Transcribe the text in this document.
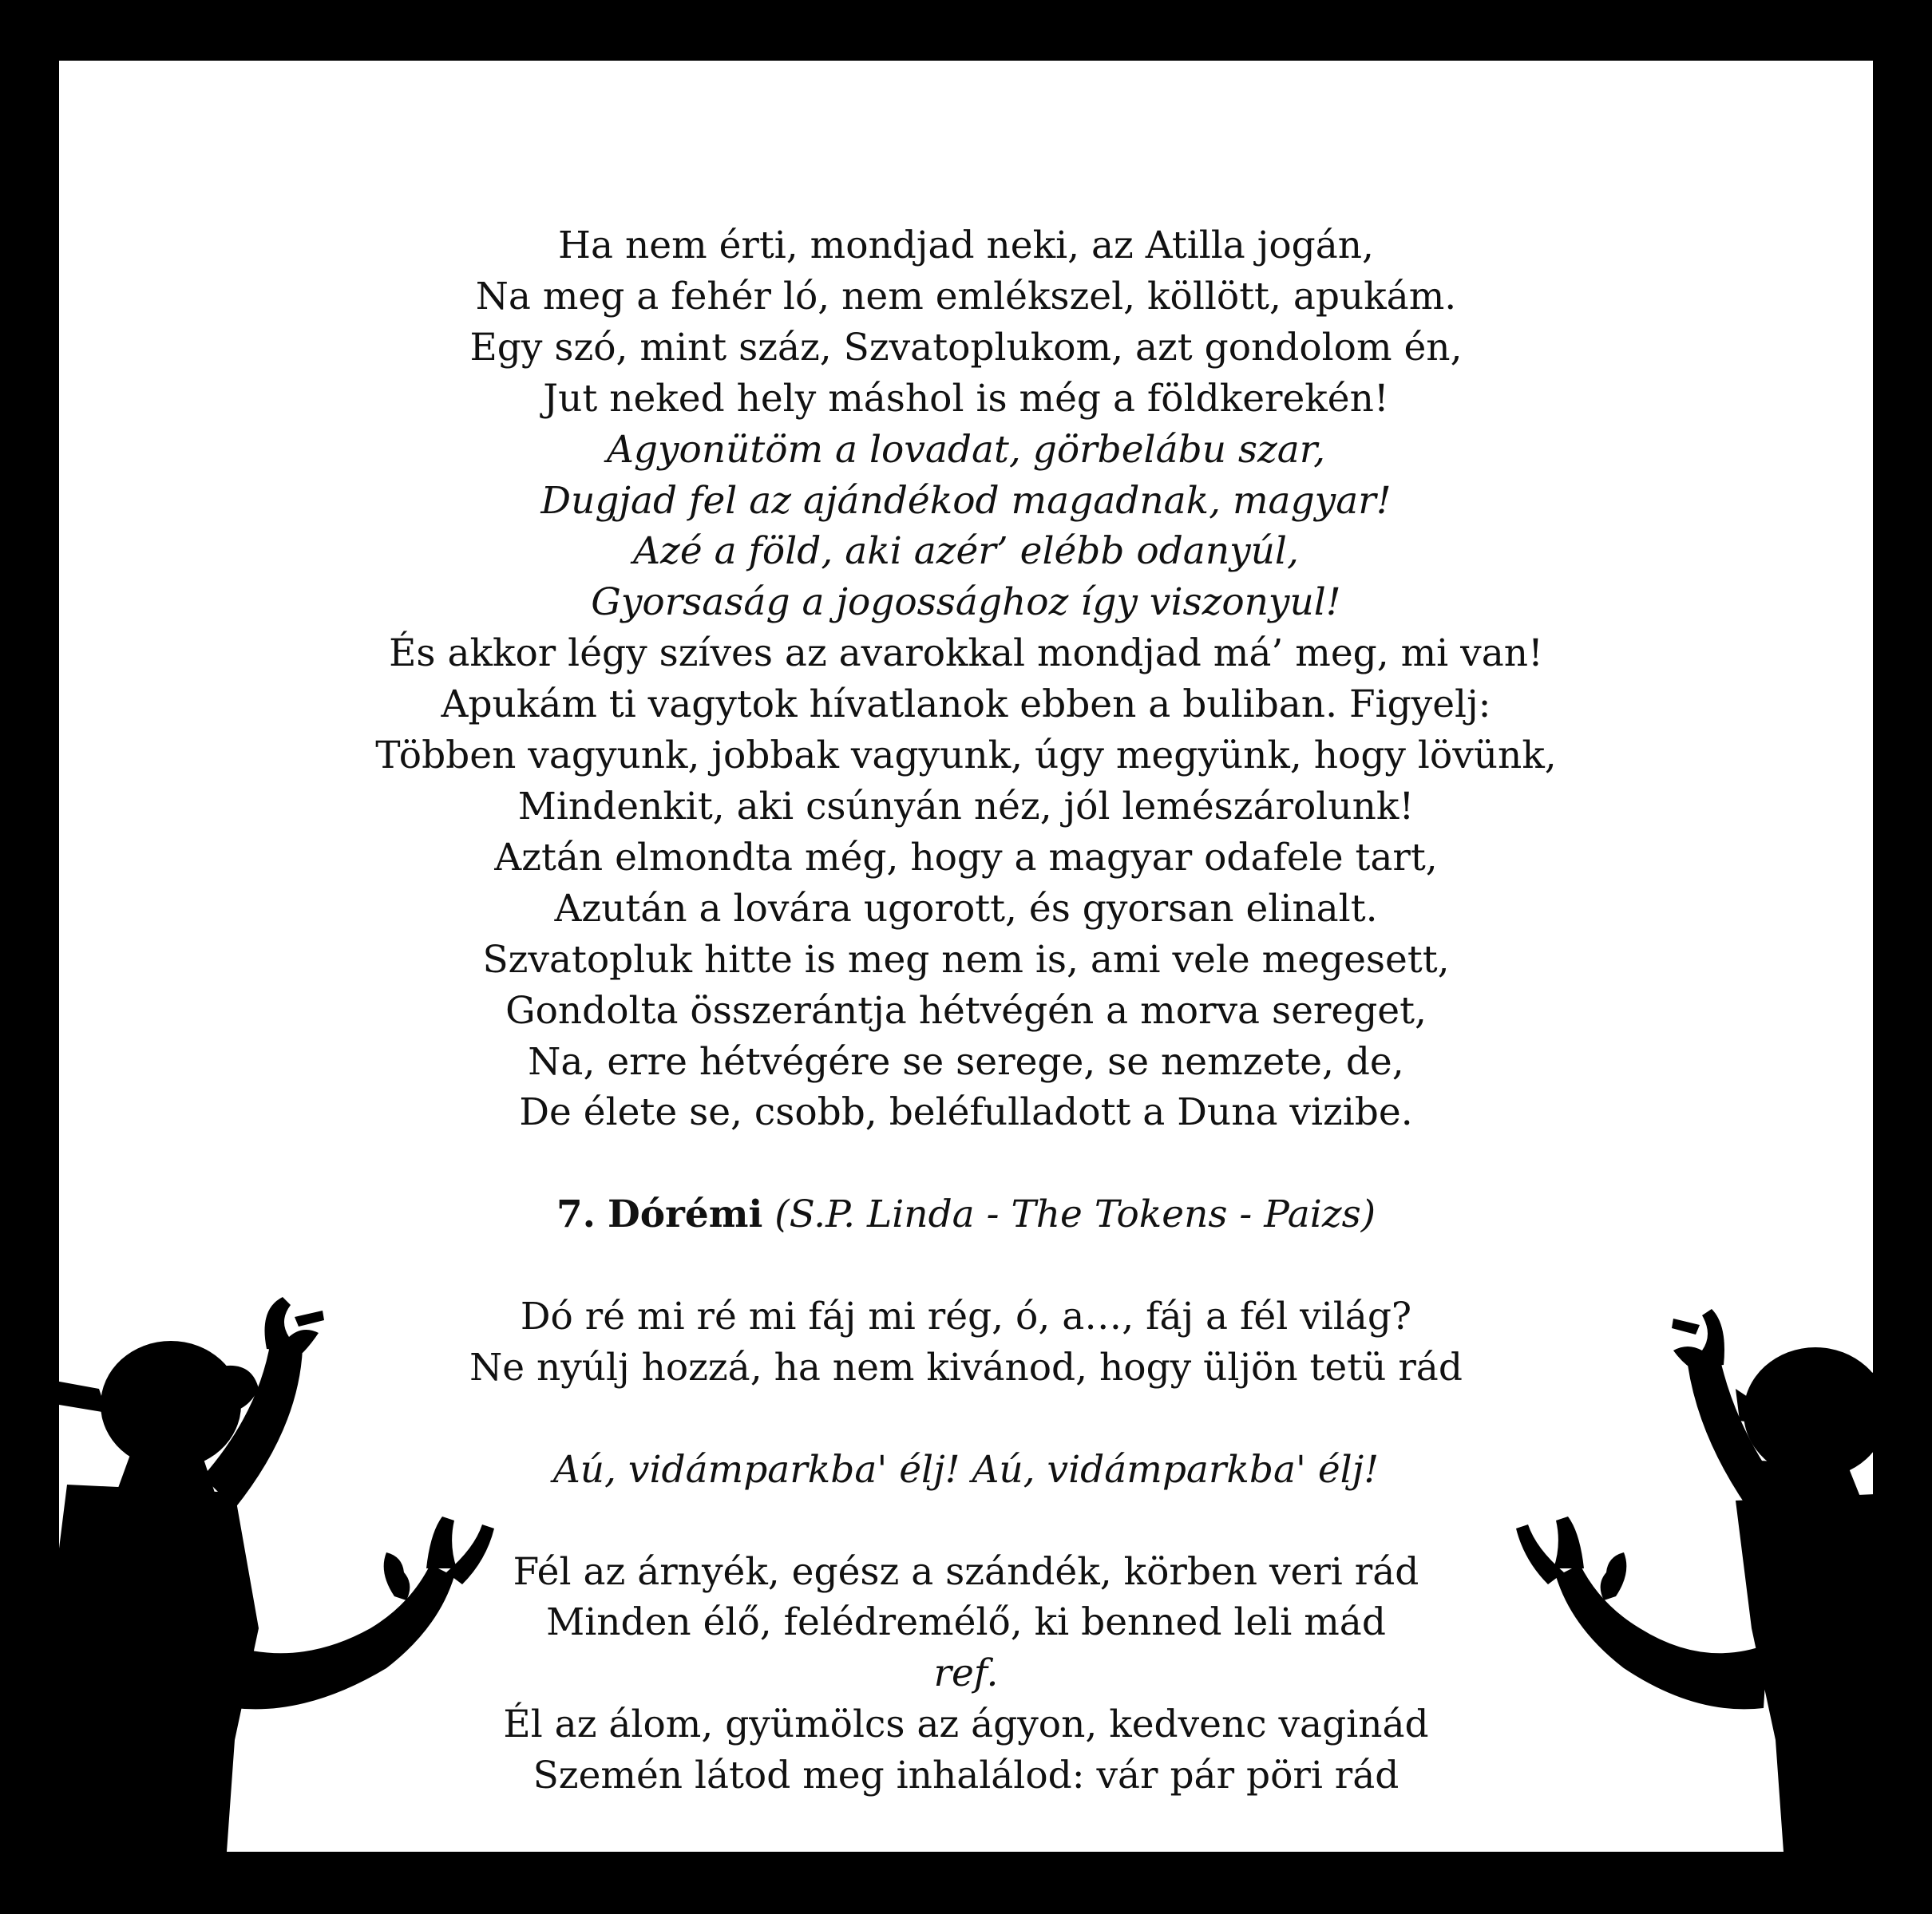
Ha nem érti, mondjad neki, az Atilla jogán,
Na meg a fehér ló, nem emlékszel, köllött, apukám.
Egy szó, mint száz, Szvatoplukom, azt gondolom én,
Jut neked hely máshol is még a földkerekén!
Agyonütöm a lovadat, görbelábu szar,
Dugjad fel az ajándékod magadnak, magyar!
Azé a föld, aki azér’ elébb odanyúl,
Gyorsaság a jogossághoz így viszonyul!
És akkor légy szíves az avarokkal mondjad má’ meg, mi van!
Apukám ti vagytok hívatlanok ebben a buliban. Figyelj:
Többen vagyunk, jobbak vagyunk, úgy megyünk, hogy lövünk,
Mindenkit, aki csúnyán néz, jól lemészárolunk!
Aztán elmondta még, hogy a magyar odafele tart,
Azután a lovára ugorott, és gyorsan elinalt.
Szvatopluk hitte is meg nem is, ami vele megesett,
Gondolta összerántja hétvégén a morva sereget,
Na, erre hétvégére se serege, se nemzete, de,
De élete se, csobb, beléfulladott a Duna vizibe.
7. Dórémi (S.P. Linda - The Tokens - Paizs)
Dó ré mi ré mi fáj mi rég, ó, a…, fáj a fél világ?
Ne nyúlj hozzá, ha nem kivánod, hogy üljön tetü rád
Aú, vidámparkba' élj! Aú, vidámparkba' élj!
Fél az árnyék, egész a szándék, körben veri rád
Minden élő, felédremélő, ki benned leli mád
ref.
Él az álom, gyümölcs az ágyon, kedvenc vaginád
Szemén látod meg inhalálod: vár pár pöri rád
